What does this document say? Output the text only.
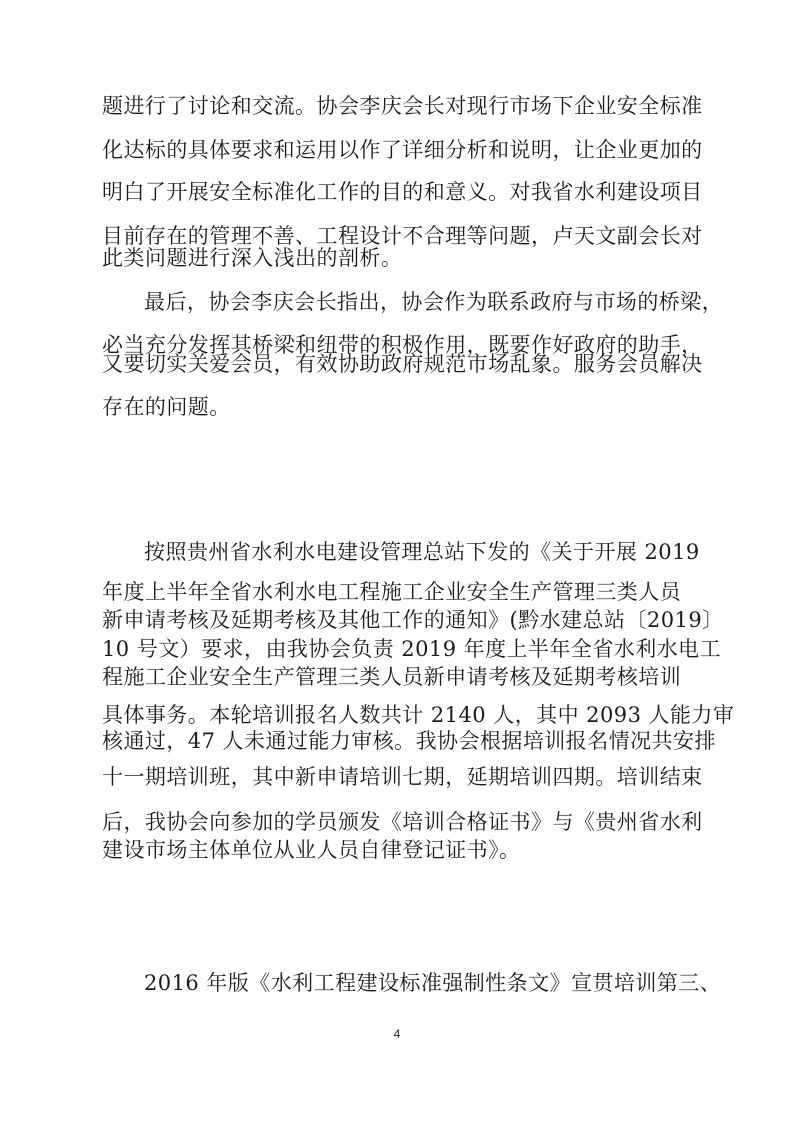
题进行了讨论和交流。协会李庆会长对现行市场下企业安全标准
化达标的具体要求和运用以作了详细分析和说明，让企业更加的
明白了开展安全标准化工作的目的和意义。对我省水利建设项目
目前存在的管理不善、工程设计不合理等问题，卢天文副会长对
此类问题进行深入浅出的剖析。
最后，协会李庆会长指出，协会作为联系政府与市场的桥梁，
必当充分发挥其桥梁和纽带的积极作用，既要作好政府的助手，
又要切实关爱会员，有效协助政府规范市场乱象。服务会员解决
存在的问题。
按照贵州省水利水电建设管理总站下发的《关于开展 2019
年度上半年全省水利水电工程施工企业安全生产管理三类人员
新申请考核及延期考核及其他工作的通知》(黔水建总站〔2019〕
10 号文）要求，由我协会负责 2019 年度上半年全省水利水电工
程施工企业安全生产管理三类人员新申请考核及延期考核培训
具体事务。本轮培训报名人数共计 2140 人，其中 2093 人能力审
核通过，47 人未通过能力审核。我协会根据培训报名情况共安排
十一期培训班，其中新申请培训七期，延期培训四期。培训结束
后，我协会向参加的学员颁发《培训合格证书》与《贵州省水利
建设市场主体单位从业人员自律登记证书》。
2016 年版《水利工程建设标准强制性条文》宣贯培训第三、
4
